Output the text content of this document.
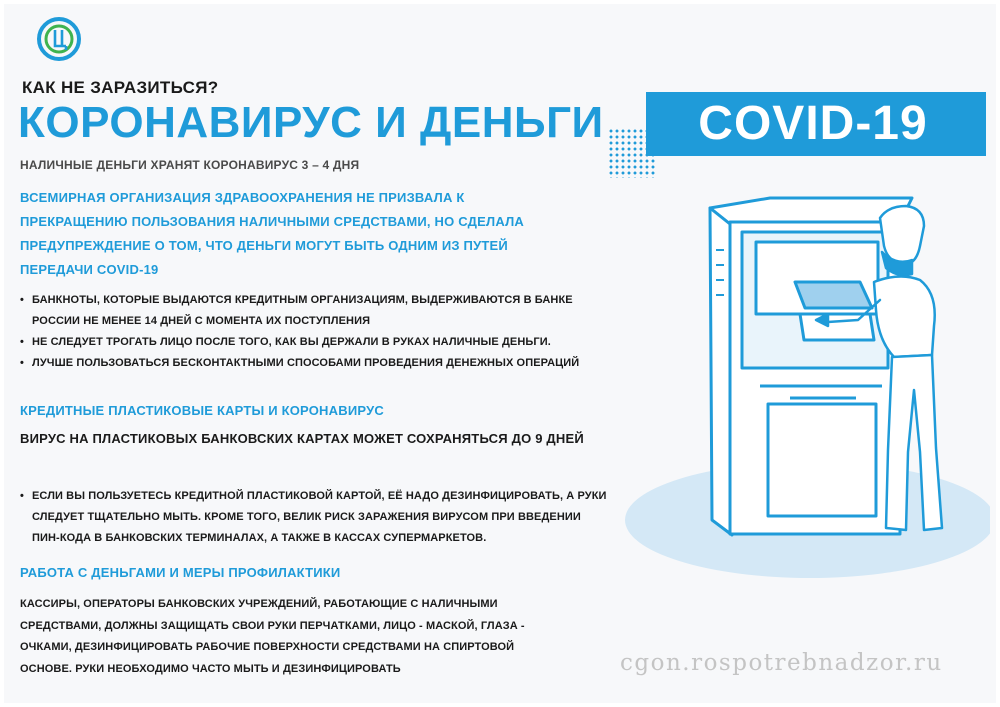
КАК НЕ ЗАРАЗИТЬСЯ?
КОРОНАВИРУС И ДЕНЬГИ	COVID-19
НАЛИЧНЫЕ ДЕНЬГИ ХРАНЯТ КОРОНАВИРУС 3 – 4 ДНЯ
ВСЕМИРНАЯ ОРГАНИЗАЦИЯ ЗДРАВООХРАНЕНИЯ НЕ ПРИЗВАЛА К ПРЕКРАЩЕНИЮ ПОЛЬЗОВАНИЯ НАЛИЧНЫМИ СРЕДСТВАМИ, НО СДЕЛАЛА ПРЕДУПРЕЖДЕНИЕ О ТОМ, ЧТО ДЕНЬГИ МОГУТ БЫТЬ ОДНИМ ИЗ ПУТЕЙ ПЕРЕДАЧИ COVID-19
• БАНКНОТЫ, КОТОРЫЕ ВЫДАЮТСЯ КРЕДИТНЫМ ОРГАНИЗАЦИЯМ, ВЫДЕРЖИВАЮТСЯ В БАНКЕ РОССИИ НЕ МЕНЕЕ 14 ДНЕЙ С МОМЕНТА ИХ ПОСТУПЛЕНИЯ
• НЕ СЛЕДУЕТ ТРОГАТЬ ЛИЦО ПОСЛЕ ТОГО, КАК ВЫ ДЕРЖАЛИ В РУКАХ НАЛИЧНЫЕ ДЕНЬГИ.
• ЛУЧШЕ ПОЛЬЗОВАТЬСЯ БЕСКОНТАКТНЫМИ СПОСОБАМИ ПРОВЕДЕНИЯ ДЕНЕЖНЫХ ОПЕРАЦИЙ
КРЕДИТНЫЕ ПЛАСТИКОВЫЕ КАРТЫ И КОРОНАВИРУС
ВИРУС НА ПЛАСТИКОВЫХ БАНКОВСКИХ КАРТАХ МОЖЕТ СОХРАНЯТЬСЯ ДО 9 ДНЕЙ
• ЕСЛИ ВЫ ПОЛЬЗУЕТЕСЬ КРЕДИТНОЙ ПЛАСТИКОВОЙ КАРТОЙ, ЕЁ НАДО ДЕЗИНФИЦИРОВАТЬ, А РУКИ СЛЕДУЕТ ТЩАТЕЛЬНО МЫТЬ. КРОМЕ ТОГО, ВЕЛИК РИСК ЗАРАЖЕНИЯ ВИРУСОМ ПРИ ВВЕДЕНИИ ПИН-КОДА В БАНКОВСКИХ ТЕРМИНАЛАХ, А ТАКЖЕ В КАССАХ СУПЕРМАРКЕТОВ.
РАБОТА С ДЕНЬГАМИ И МЕРЫ ПРОФИЛАКТИКИ
КАССИРЫ, ОПЕРАТОРЫ БАНКОВСКИХ УЧРЕЖДЕНИЙ, РАБОТАЮЩИЕ С НАЛИЧНЫМИ СРЕДСТВАМИ, ДОЛЖНЫ ЗАЩИЩАТЬ СВОИ РУКИ ПЕРЧАТКАМИ, ЛИЦО - МАСКОЙ, ГЛАЗА - ОЧКАМИ, ДЕЗИНФИЦИРОВАТЬ РАБОЧИЕ ПОВЕРХНОСТИ СРЕДСТВАМИ НА СПИРТОВОЙ ОСНОВЕ. РУКИ НЕОБХОДИМО ЧАСТО МЫТЬ И ДЕЗИНФИЦИРОВАТЬ	cgon.rospotrebnadzor.ru
